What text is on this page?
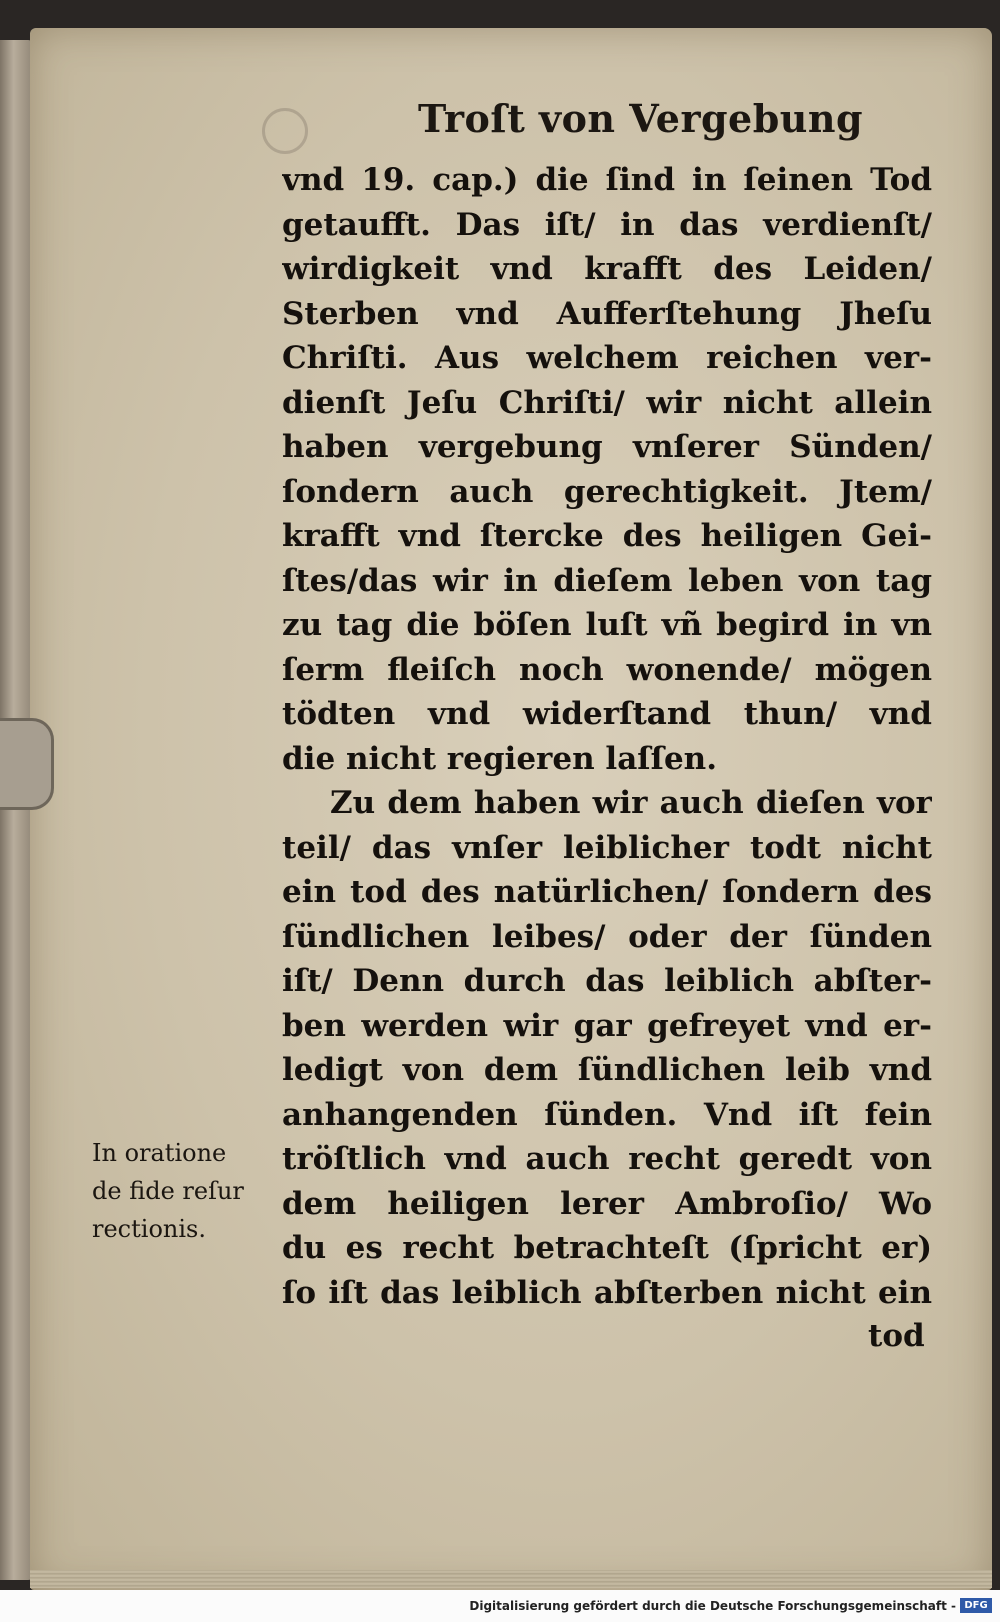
Troſt von Vergebung
vnd 19. cap.) die ſind in ſeinen Tod
getaufft. Das iſt/ in das verdienſt/
wirdigkeit vnd krafft des Leiden/
Sterben vnd Aufferſtehung Jheſu
Chriſti. Aus welchem reichen ver-
dienſt Jeſu Chriſti/ wir nicht allein
haben vergebung vnſerer Sünden/
ſondern auch gerechtigkeit. Jtem/
krafft vnd ſtercke des heiligen Gei-
ſtes/das wir in dieſem leben von tag
zu tag die böſen luſt vñ begird in vn
ſerm fleiſch noch wonende/ mögen
tödten vnd widerſtand thun/ vnd
die nicht regieren laſſen.
Zu dem haben wir auch dieſen vor
teil/ das vnſer leiblicher todt nicht
ein tod des natürlichen/ ſondern des
ſündlichen leibes/ oder der ſünden
iſt/ Denn durch das leiblich abſter-
ben werden wir gar gefreyet vnd er-
ledigt von dem ſündlichen leib vnd
anhangenden ſünden. Vnd iſt fein
tröſtlich vnd auch recht geredt von
dem heiligen lerer Ambroſio/ Wo
du es recht betrachteſt (ſpricht er)
ſo iſt das leiblich abſterben nicht ein
tod
In oratione
de fide reſur
rectionis.
Digitalisierung gefördert durch die Deutsche Forschungsgemeinschaft - DFG
